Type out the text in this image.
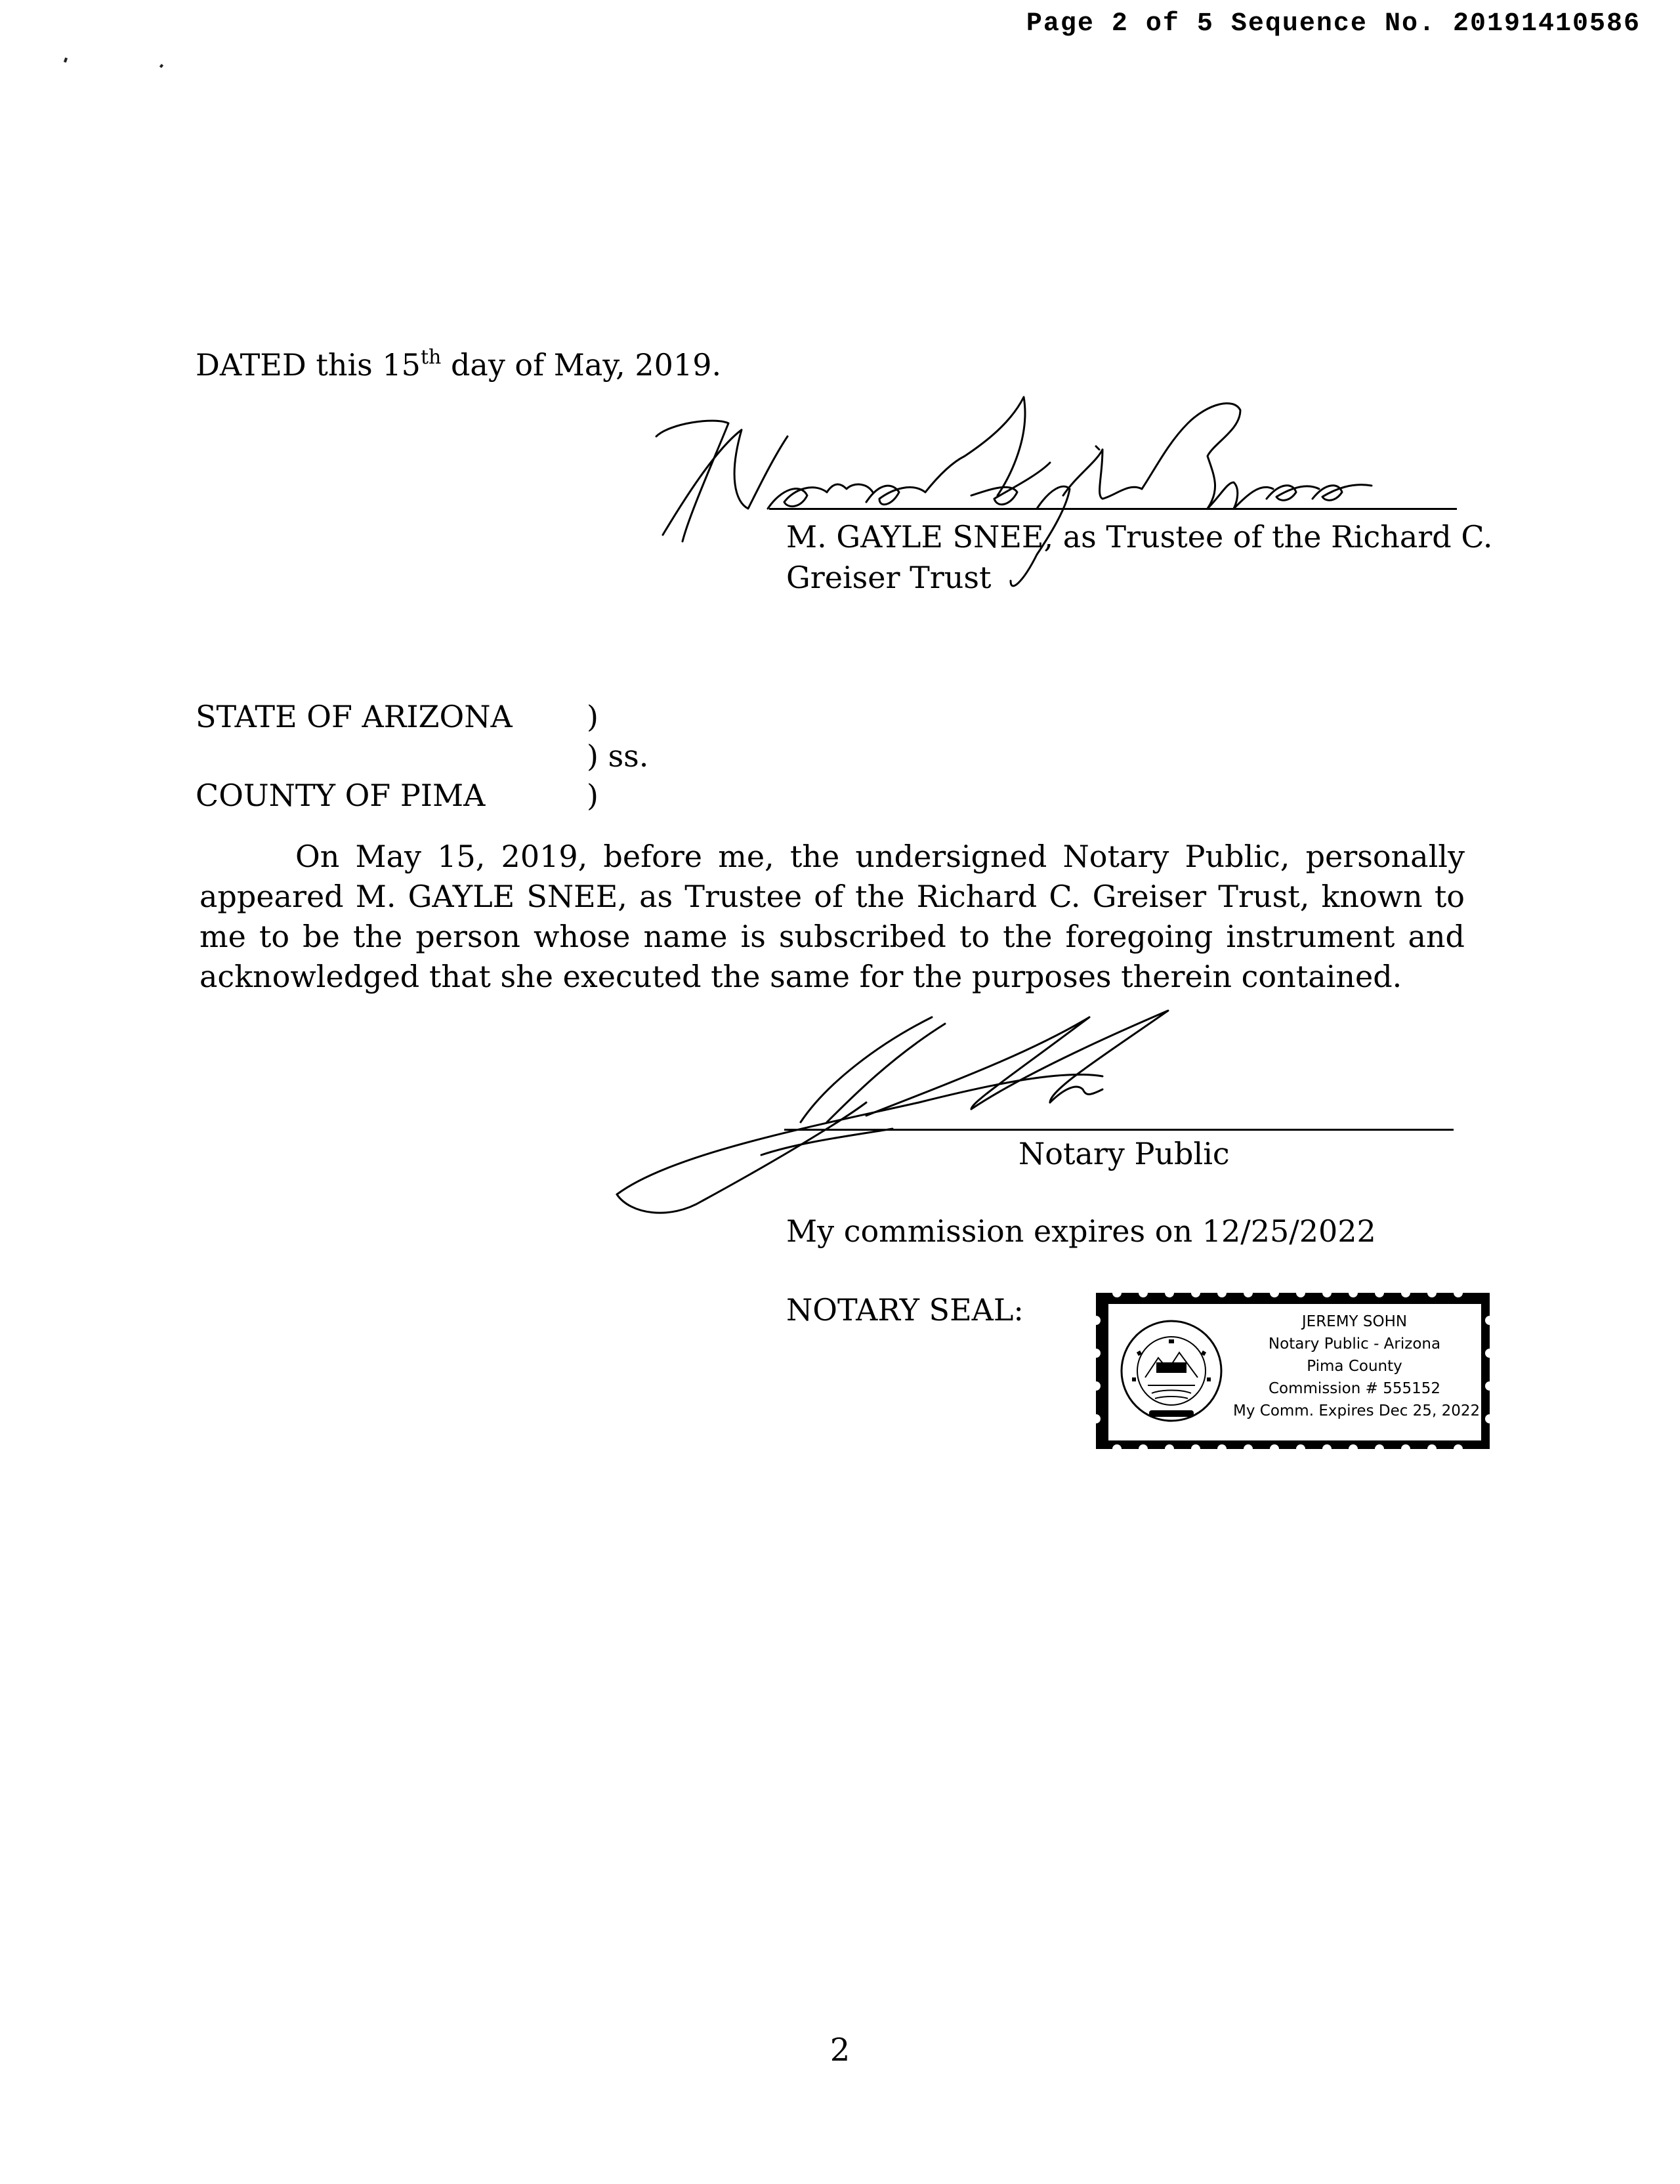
Page 2 of 5 Sequence No. 20191410586
DATED this 15th day of May, 2019.
M. GAYLE SNEE, as Trustee of the Richard C.
Greiser Trust
STATE OF ARIZONA )
) ss.
COUNTY OF PIMA	)

On May 15, 2019, before me, the undersigned Notary Public, personally appeared M. GAYLE SNEE, as Trustee of the Richard C. Greiser Trust, known to me to be the person whose name is subscribed to the foregoing instrument and acknowledged that she executed the same for the purposes therein contained.

Notary Public
My commission expires on 12/25/2022
NOTARY SEAL:	JEREMY SOHN
Notary Public - Arizona
Pima County
Commission # 555152
My Comm. Expires Dec 25, 2022
2
